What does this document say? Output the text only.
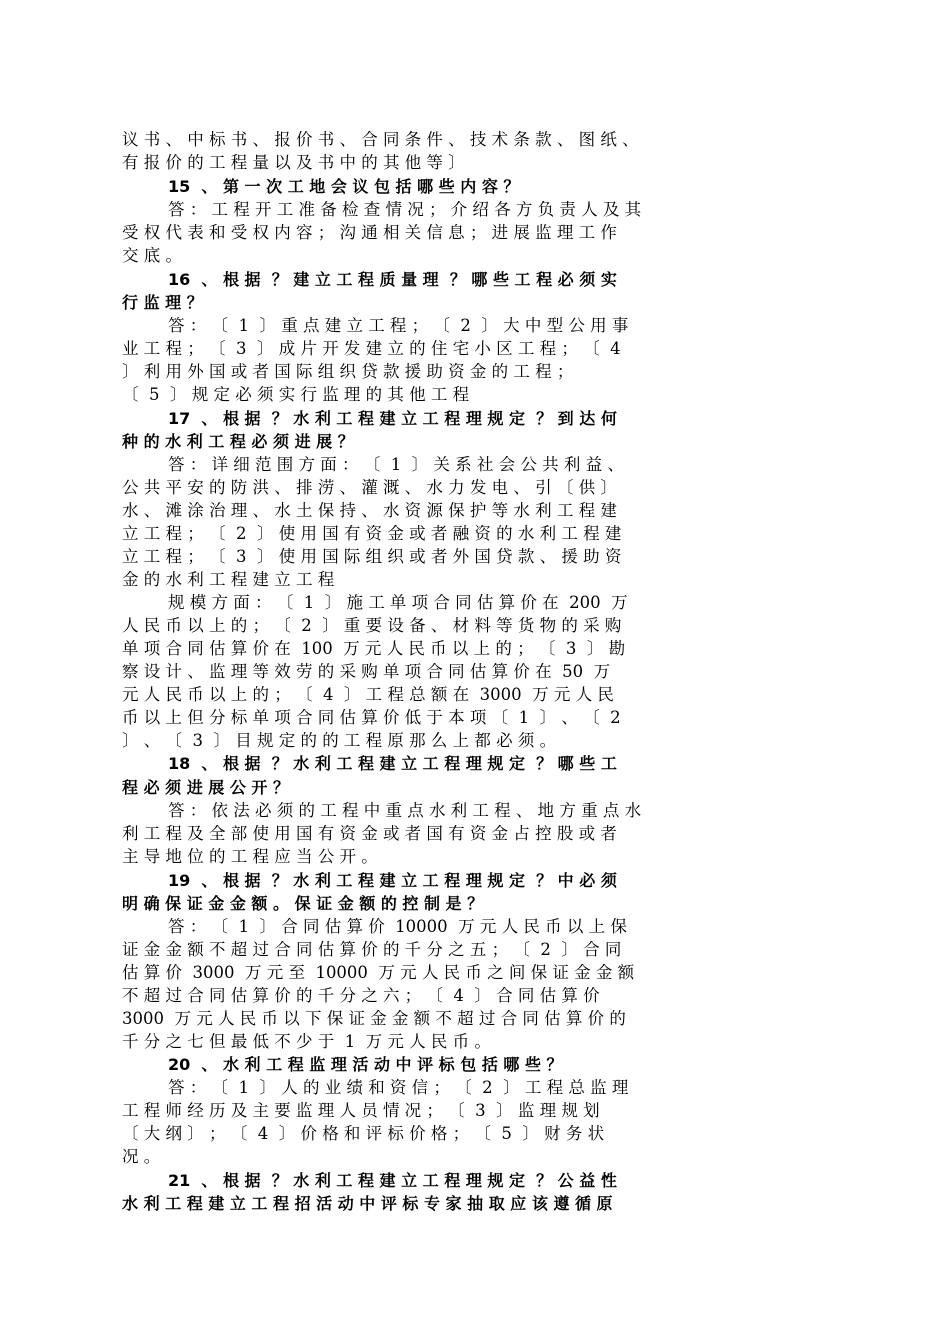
议 书 、 中 标 书 、 报 价 书 、 合 同 条 件 、 技 术 条 款 、 图 纸 、
有 报 价 的 工 程 量 以 及 书 中 的 其 他 等 〕
15  、 第 一 次 工 地 会 议 包 括 哪 些 内 容 ？
答 ： 工 程 开 工 准 备 检 查 情 况 ； 介 绍 各 方 负 责 人 及 其
受 权 代 表 和 受 权 内 容 ； 沟 通 相 关 信 息 ； 进 展 监 理 工 作
交 底 。
16  、 根 据  ？ 建 立 工 程 质 量 理  ？ 哪 些 工 程 必 须 实
行 监 理 ？
答 ： 〔  1  〕 重 点 建 立 工 程 ； 〔  2  〕 大 中 型 公 用 事
业 工 程 ； 〔  3  〕 成 片 开 发 建 立 的 住 宅 小 区 工 程 ； 〔  4
〕 利 用 外 国 或 者 国 际 组 织 贷 款 援 助 资 金 的 工 程 ；
〔  5  〕 规 定 必 须 实 行 监 理 的 其 他 工 程
17  、 根 据  ？ 水 利 工 程 建 立 工 程 理 规 定  ？ 到 达 何
种 的 水 利 工 程 必 须 进 展 ？
答 ： 详 细 范 围 方 面 ： 〔  1  〕 关 系 社 会 公 共 利 益 、
公 共 平 安 的 防 洪 、 排 涝 、 灌 溉 、 水 力 发 电 、 引 〔 供 〕
水 、 滩 涂 治 理 、 水 土 保 持 、 水 资 源 保 护 等 水 利 工 程 建
立 工 程 ； 〔  2  〕 使 用 国 有 资 金 或 者 融 资 的 水 利 工 程 建
立 工 程 ； 〔  3  〕 使 用 国 际 组 织 或 者 外 国 贷 款 、 援 助 资
金 的 水 利 工 程 建 立 工 程
规 模 方 面 ： 〔  1  〕 施 工 单 项 合 同 估 算 价 在  200  万
人 民 币 以 上 的 ； 〔  2  〕 重 要 设 备 、 材 料 等 货 物 的 采 购
单 项 合 同 估 算 价 在  100  万 元 人 民 币 以 上 的 ； 〔  3  〕 勘
察 设 计 、 监 理 等 效 劳 的 采 购 单 项 合 同 估 算 价 在  50  万
元 人 民 币 以 上 的 ； 〔  4  〕 工 程 总 额 在  3000  万 元 人 民
币 以 上 但 分 标 单 项 合 同 估 算 价 低 于 本 项 〔  1  〕 、 〔  2
〕 、 〔  3  〕 目 规 定 的 的 工 程 原 那 么 上 都 必 须 。
18  、 根 据  ？ 水 利 工 程 建 立 工 程 理 规 定  ？ 哪 些 工
程 必 须 进 展 公 开 ？
答 ： 依 法 必 须 的 工 程 中 重 点 水 利 工 程 、 地 方 重 点 水
利 工 程 及 全 部 使 用 国 有 资 金 或 者 国 有 资 金 占 控 股 或 者
主 导 地 位 的 工 程 应 当 公 开 。
19  、 根 据  ？ 水 利 工 程 建 立 工 程 理 规 定  ？ 中 必 须
明 确 保 证 金 金 额 。 保 证 金 额 的 控 制 是 ？
答 ： 〔  1  〕 合 同 估 算 价  10000  万 元 人 民 币 以 上 保
证 金 金 额 不 超 过 合 同 估 算 价 的 千 分 之 五 ； 〔  2  〕 合 同
估 算 价  3000  万 元 至  10000  万 元 人 民 币 之 间 保 证 金 金 额
不 超 过 合 同 估 算 价 的 千 分 之 六 ； 〔  4  〕 合 同 估 算 价
3000  万 元 人 民 币 以 下 保 证 金 金 额 不 超 过 合 同 估 算 价 的
千 分 之 七 但 最 低 不 少 于  1  万 元 人 民 币 。
20  、 水 利 工 程 监 理 活 动 中 评 标 包 括 哪 些 ？
答 ： 〔  1  〕 人 的 业 绩 和 资 信 ； 〔  2  〕 工 程 总 监 理
工 程 师 经 历 及 主 要 监 理 人 员 情 况 ； 〔  3  〕 监 理 规 划
〔 大 纲 〕 ； 〔  4  〕 价 格 和 评 标 价 格 ； 〔  5  〕 财 务 状
况 。
21  、 根 据  ？ 水 利 工 程 建 立 工 程 理 规 定  ？ 公 益 性
水 利 工 程 建 立 工 程 招 活 动 中 评 标 专 家 抽 取 应 该 遵 循 原
